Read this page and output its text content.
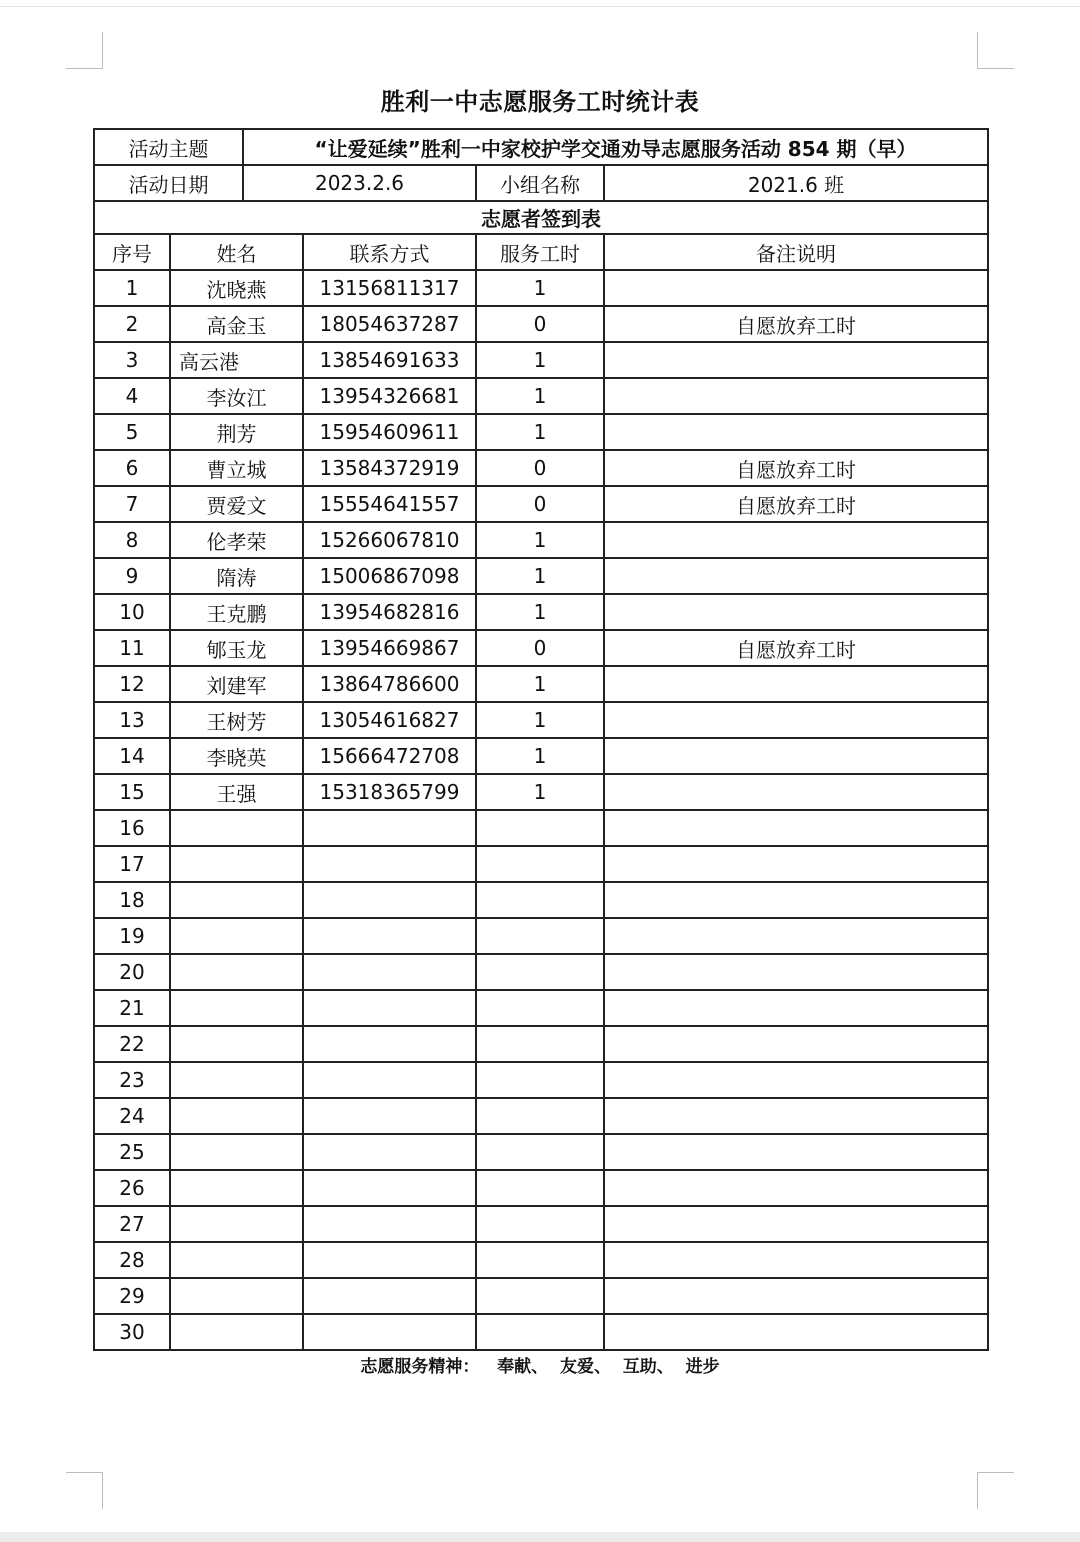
胜利一中志愿服务工时统计表
活动主题		“让爱延续”胜利一中家校护学交通劝导志愿服务活动 854 期（早）			
活动日期		2023.2.6		小组名称	2021.6 班
志愿者签到表					
序号	姓名		联系方式	服务工时	备注说明
1	沈晓燕		13156811317	1	
2	高金玉		18054637287	0	自愿放弃工时
3	高云港		13854691633	1	
4	李汝江		13954326681	1	
5	荆芳		15954609611	1	
6	曹立城		13584372919	0	自愿放弃工时
7	贾爱文		15554641557	0	自愿放弃工时
8	伦孝荣		15266067810	1	
9	隋涛		15006867098	1	
10	王克鹏		13954682816	1	
11	郇玉龙		13954669867	0	自愿放弃工时
12	刘建军		13864786600	1	
13	王树芳		13054616827	1	
14	李晓英		15666472708	1	
15	王强		15318365799	1	
16					
17					
18					
19					
20					
21					
22					
23					
24					
25					
26					
27					
28					
29					
30					
志愿服务精神：   奉献、  友爱、  互助、  进步
